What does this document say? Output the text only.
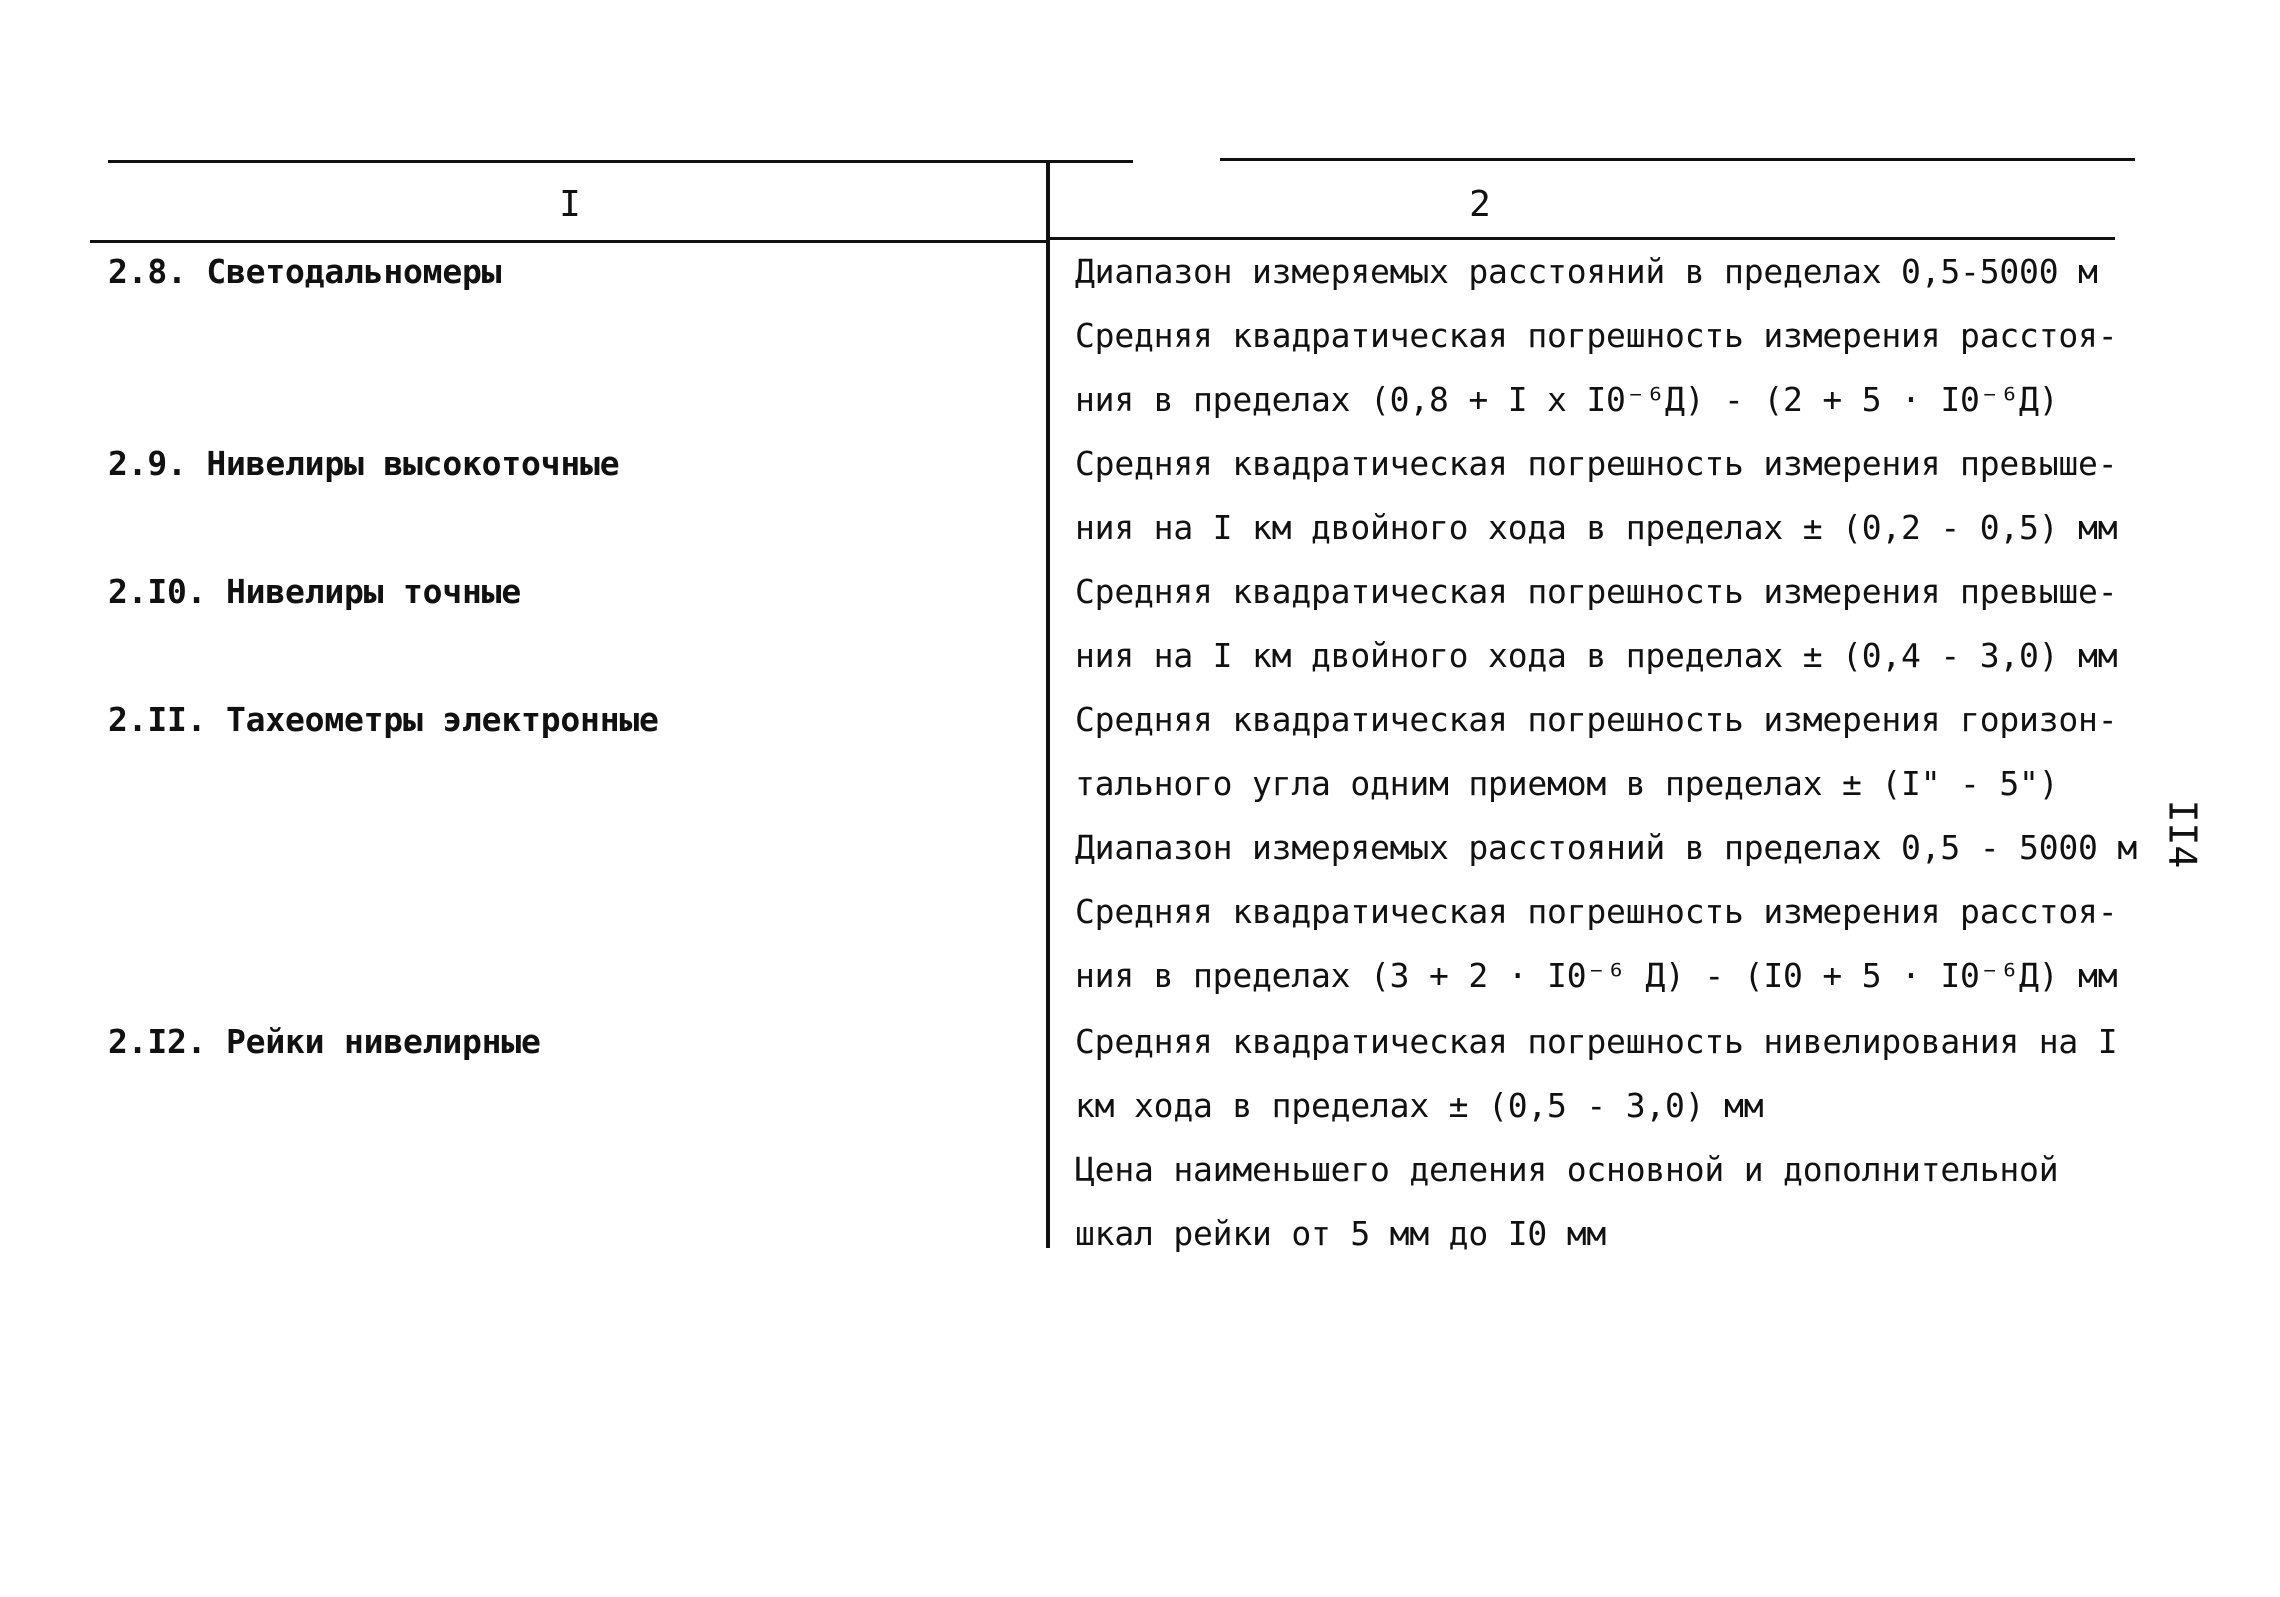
I	2
2.8. Светодальномеры	Диапазон измеряемых расстояний в пределах 0,5-5000 м
Средняя квадратическая погрешность измерения расстоя-
ния в пределах (0,8 + I x I0⁻⁶Д) - (2 + 5 · I0⁻⁶Д)
2.9. Нивелиры высокоточные	Средняя квадратическая погрешность измерения превыше-
ния на I км двойного хода в пределах ± (0,2 - 0,5) мм
2.I0. Нивелиры точные	Средняя квадратическая погрешность измерения превыше-
ния на I км двойного хода в пределах ± (0,4 - 3,0) мм
2.II. Тахеометры электронные	Средняя квадратическая погрешность измерения горизон-
тального угла одним приемом в пределах ± (I" - 5")
Диапазон измеряемых расстояний в пределах 0,5 - 5000 м
Средняя квадратическая погрешность измерения расстоя-
ния в пределах (3 + 2 · I0⁻⁶ Д) - (I0 + 5 · I0⁻⁶Д) мм
2.I2. Рейки нивелирные	Средняя квадратическая погрешность нивелирования на I
км хода в пределах ± (0,5 - 3,0) мм
Цена наименьшего деления основной и дополнительной
шкал рейки от 5 мм до I0 мм
II4
